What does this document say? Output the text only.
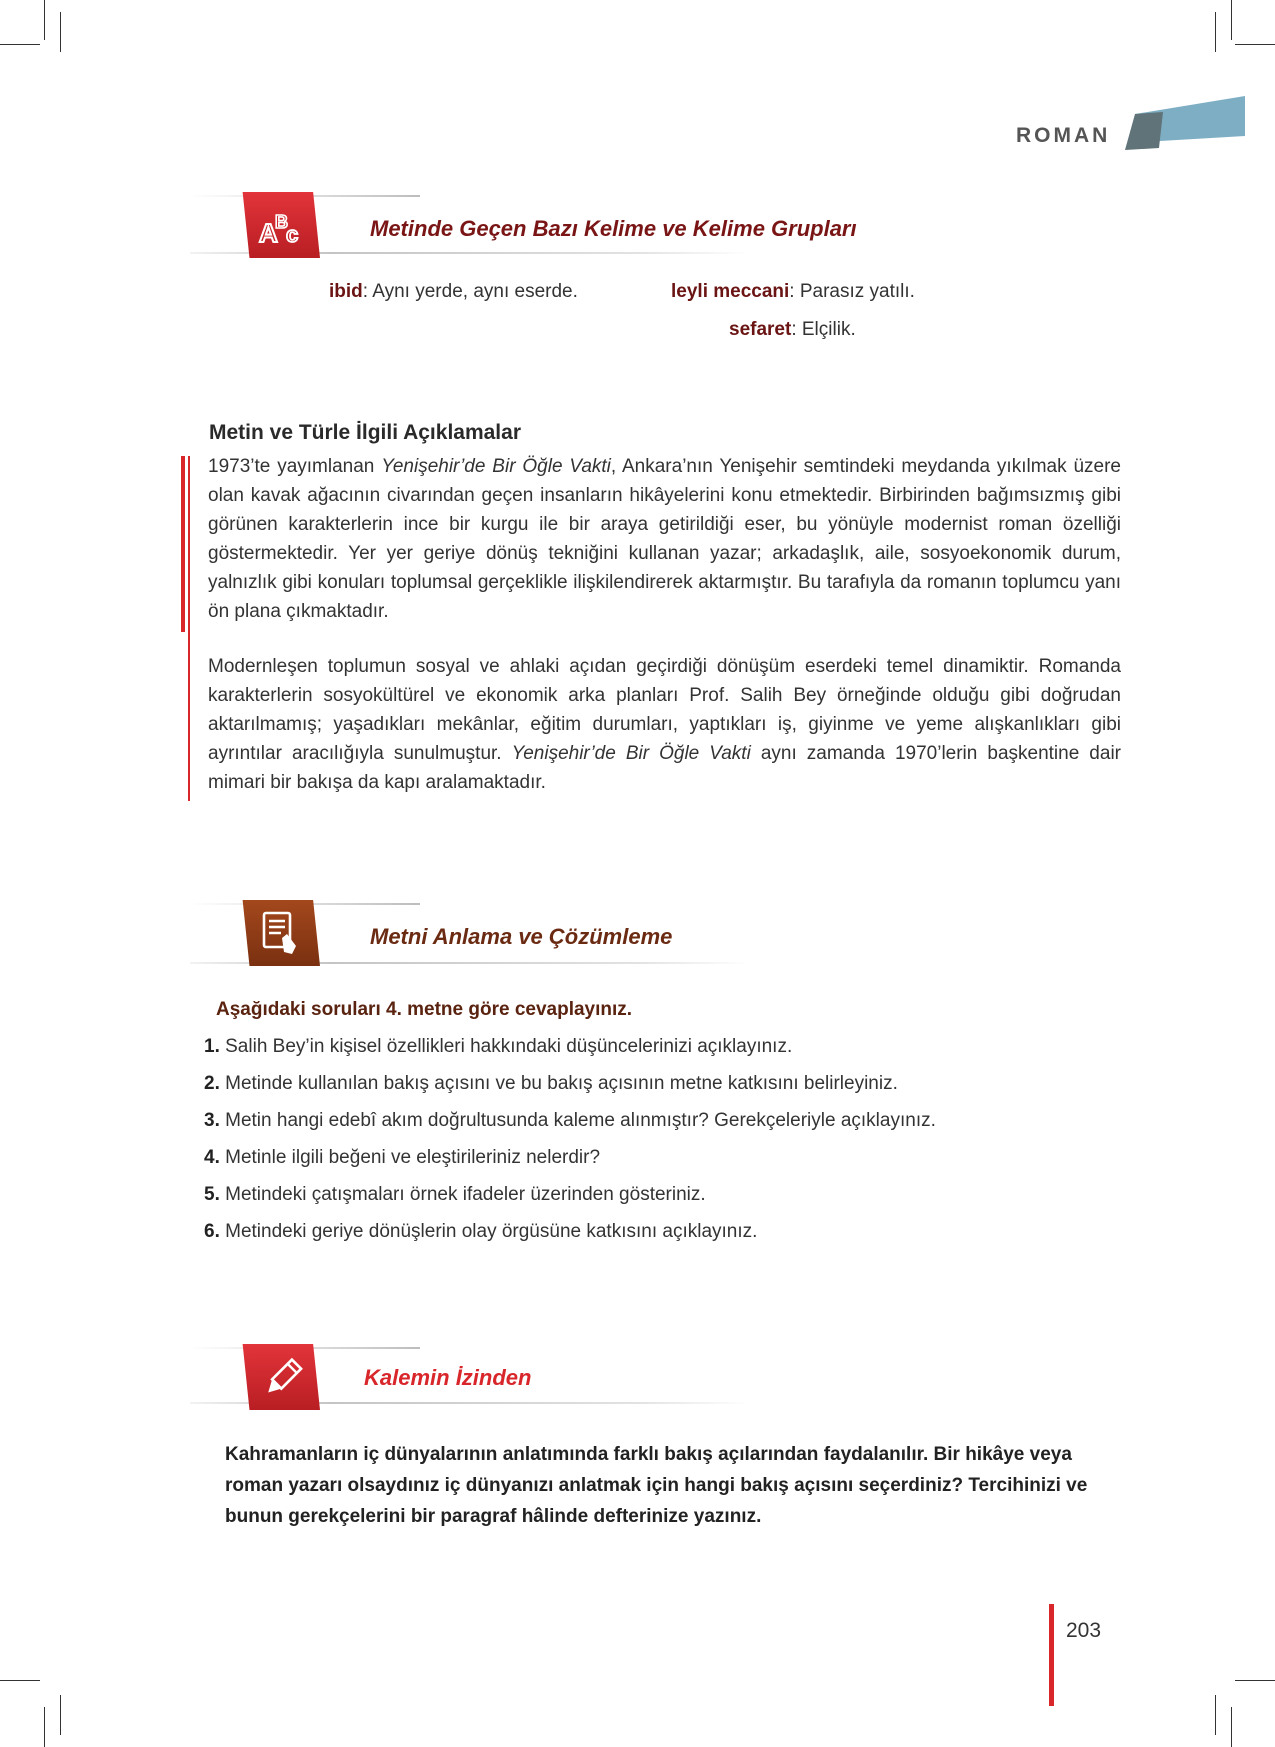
ROMAN
A
B
c	Metinde Geçen Bazı Kelime ve Kelime Grupları
ibid: Aynı yerde, aynı eserde.	leyli meccani: Parasız yatılı.
sefaret: Elçilik.
Metin ve Türle İlgili Açıklamalar

1973’te yayımlanan Yenişehir’de Bir Öğle Vakti, Ankara’nın Yenişehir semtindeki meydanda yıkılmak üzere olan kavak ağacının civarından geçen insanların hikâyelerini konu etmektedir. Birbirinden bağımsızmış gibi görünen karakterlerin ince bir kurgu ile bir araya getirildiği eser, bu yönüyle modernist roman özelliği göstermektedir. Yer yer geriye dönüş tekniğini kullanan yazar; arkadaşlık, aile, sosyoekonomik durum, yalnızlık gibi konuları toplumsal gerçeklikle ilişkilendirerek aktarmıştır. Bu tarafıyla da romanın toplumcu yanı ön plana çıkmaktadır.

Modernleşen toplumun sosyal ve ahlaki açıdan geçirdiği dönüşüm eserdeki temel dinamiktir. Romanda karakterlerin sosyokültürel ve ekonomik arka planları Prof. Salih Bey örneğinde olduğu gibi doğrudan aktarılmamış; yaşadıkları mekânlar, eğitim durumları, yaptıkları iş, giyinme ve yeme alışkanlıkları gibi ayrıntılar aracılığıyla sunulmuştur. Yenişehir’de Bir Öğle Vakti aynı zamanda 1970’lerin başkentine dair mimari bir bakışa da kapı aralamaktadır.

Metni Anlama ve Çözümleme
Aşağıdaki soruları 4. metne göre cevaplayınız.
1. Salih Bey’in kişisel özellikleri hakkındaki düşüncelerinizi açıklayınız.
2. Metinde kullanılan bakış açısını ve bu bakış açısının metne katkısını belirleyiniz.
3. Metin hangi edebî akım doğrultusunda kaleme alınmıştır? Gerekçeleriyle açıklayınız.
4. Metinle ilgili beğeni ve eleştirileriniz nelerdir?
5. Metindeki çatışmaları örnek ifadeler üzerinden gösteriniz.
6. Metindeki geriye dönüşlerin olay örgüsüne katkısını açıklayınız.
Kalemin İzinden
Kahramanların iç dünyalarının anlatımında farklı bakış açılarından faydalanılır. Bir hikâye veya roman yazarı olsaydınız iç dünyanızı anlatmak için hangi bakış açısını seçerdiniz? Tercihinizi ve bunun gerekçelerini bir paragraf hâlinde defterinize yazınız.
203
